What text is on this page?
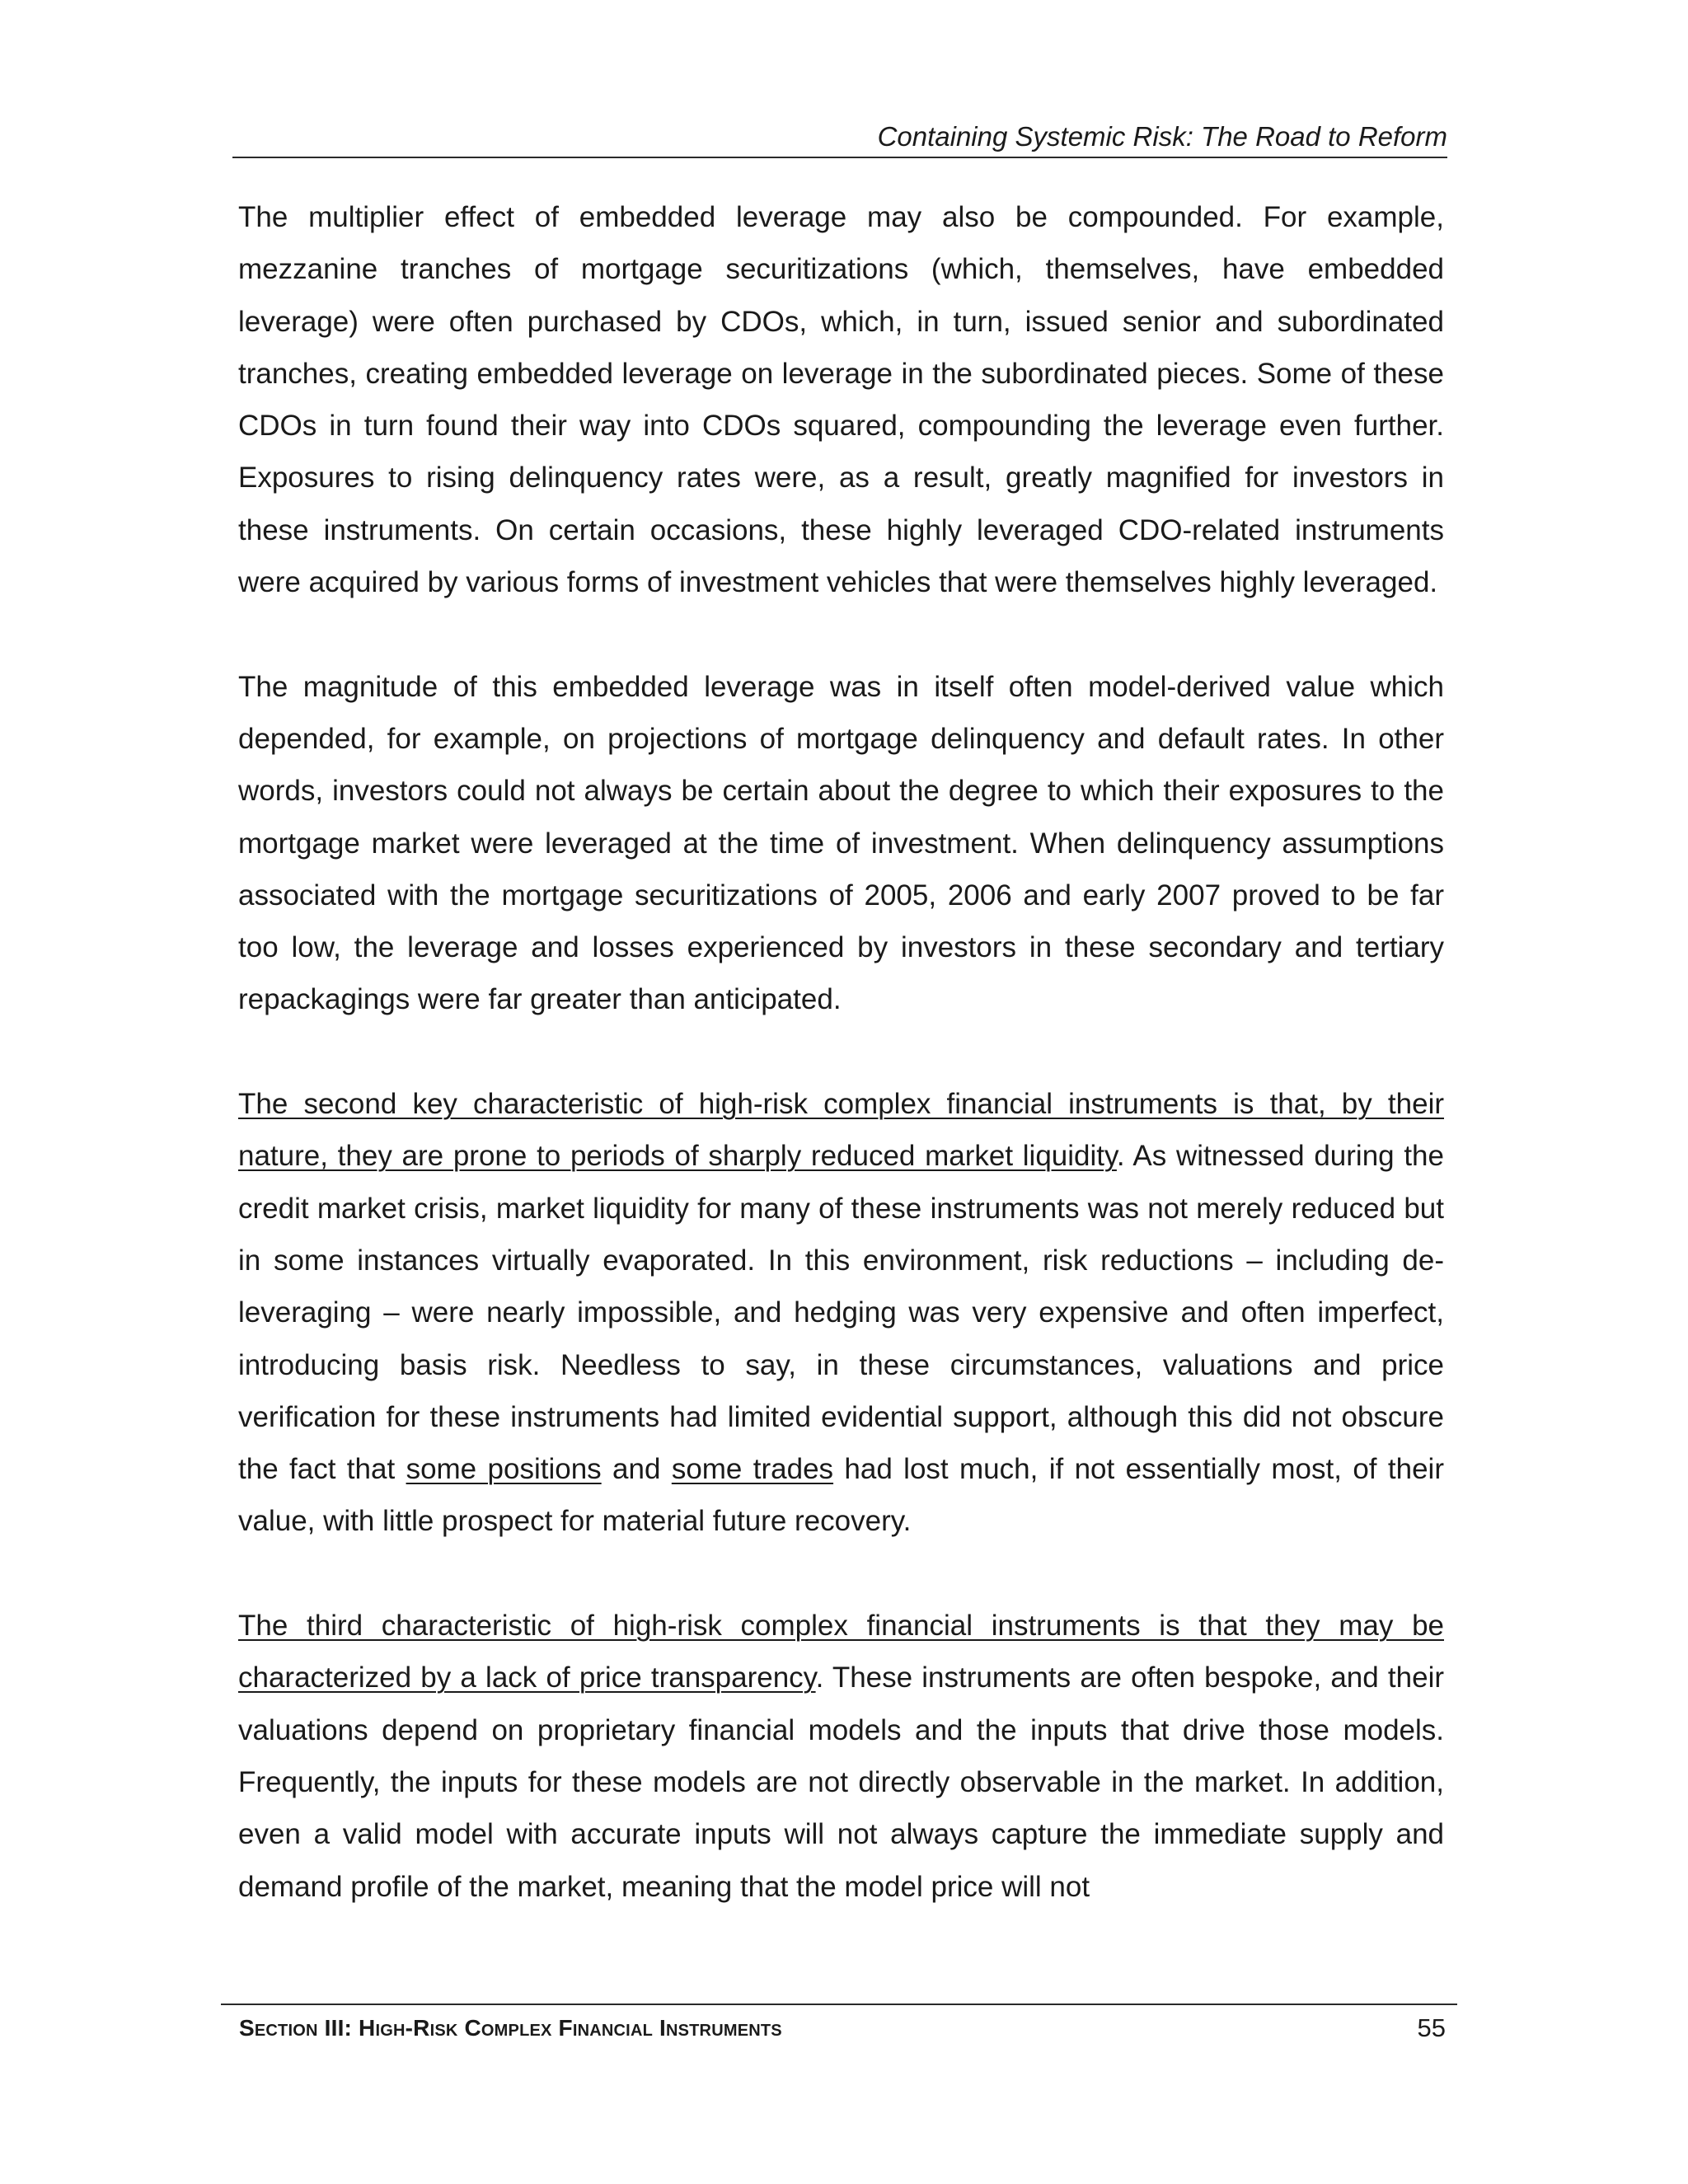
Containing Systemic Risk: The Road to Reform

The multiplier effect of embedded leverage may also be compounded. For example, mezzanine tranches of mortgage securitizations (which, themselves, have embedded leverage) were often purchased by CDOs, which, in turn, issued senior and subordinated tranches, creating embedded leverage on leverage in the subordinated pieces. Some of these CDOs in turn found their way into CDOs squared, compounding the leverage even further. Exposures to rising delinquency rates were, as a result, greatly magnified for investors in these instruments. On certain occasions, these highly leveraged CDO-related instruments were acquired by various forms of investment vehicles that were themselves highly leveraged.

The magnitude of this embedded leverage was in itself often model-derived value which depended, for example, on projections of mortgage delinquency and default rates. In other words, investors could not always be certain about the degree to which their exposures to the mortgage market were leveraged at the time of investment. When delinquency assumptions associated with the mortgage securitizations of 2005, 2006 and early 2007 proved to be far too low, the leverage and losses experienced by investors in these secondary and tertiary repackagings were far greater than anticipated.

The second key characteristic of high-risk complex financial instruments is that, by their nature, they are prone to periods of sharply reduced market liquidity. As witnessed during the credit market crisis, market liquidity for many of these instruments was not merely reduced but in some instances virtually evaporated. In this environment, risk reductions – including de-leveraging – were nearly impossible, and hedging was very expensive and often imperfect, introducing basis risk. Needless to say, in these circumstances, valuations and price verification for these instruments had limited evidential support, although this did not obscure the fact that some positions and some trades had lost much, if not essentially most, of their value, with little prospect for material future recovery.

The third characteristic of high-risk complex financial instruments is that they may be characterized by a lack of price transparency. These instruments are often bespoke, and their valuations depend on proprietary financial models and the inputs that drive those models. Frequently, the inputs for these models are not directly observable in the market. In addition, even a valid model with accurate inputs will not always capture the immediate supply and demand profile of the market, meaning that the model price will not

Section III: High-Risk Complex Financial Instruments	55
